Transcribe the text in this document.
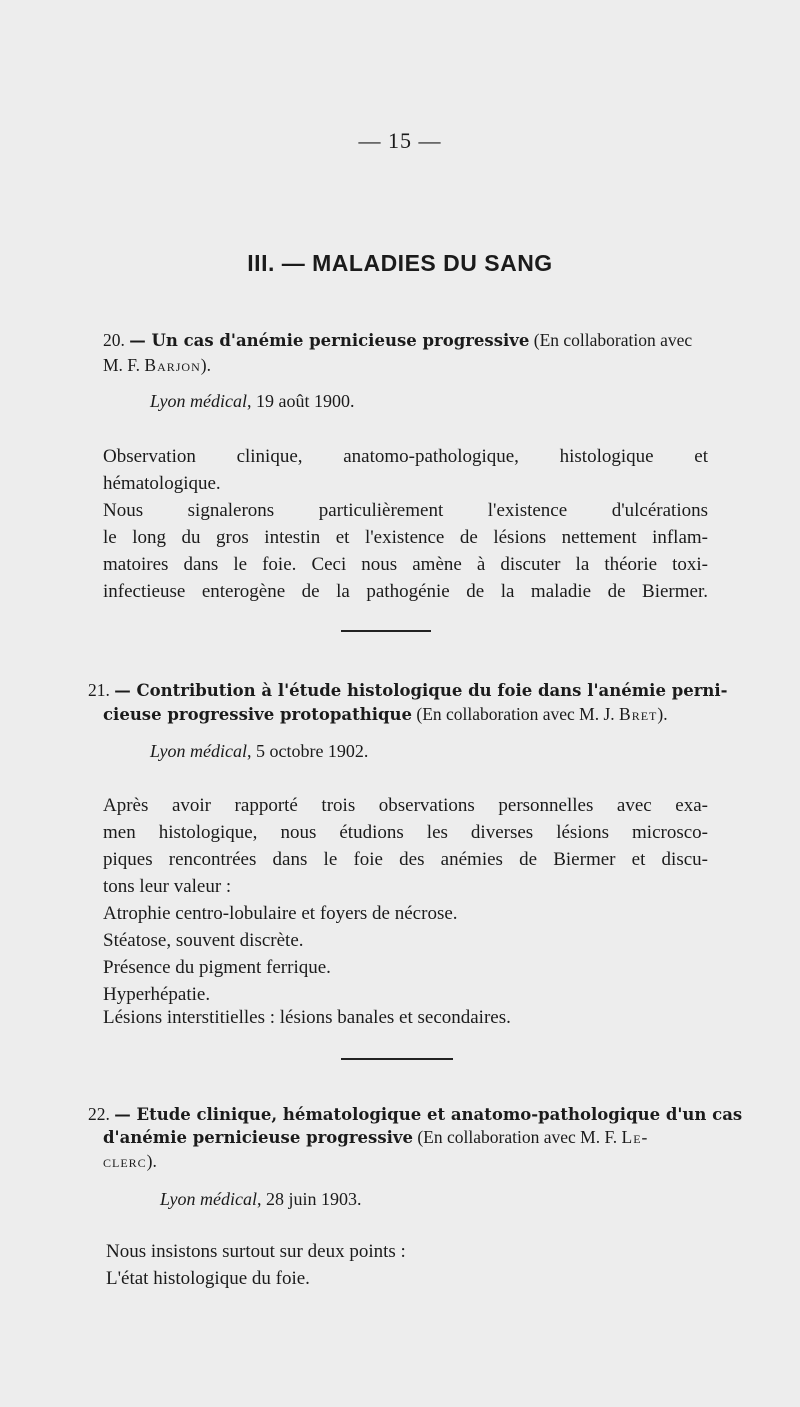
— 15 —
III. — MALADIES DU SANG
20. — Un cas d'anémie pernicieuse progressive (En collaboration avec
M. F. Barjon).
Lyon médical, 19 août 1900.
Observation clinique, anatomo-pathologique, histologique et
hématologique.
Nous signalerons particulièrement l'existence d'ulcérations
le long du gros intestin et l'existence de lésions nettement inflam-
matoires dans le foie. Ceci nous amène à discuter la théorie toxi-
infectieuse enterogène de la pathogénie de la maladie de Biermer.
21. — Contribution à l'étude histologique du foie dans l'anémie perni-
cieuse progressive protopathique (En collaboration avec M. J. Bret).
Lyon médical, 5 octobre 1902.
Après avoir rapporté trois observations personnelles avec exa-
men histologique, nous étudions les diverses lésions microsco-
piques rencontrées dans le foie des anémies de Biermer et discu-
tons leur valeur :
Atrophie centro-lobulaire et foyers de nécrose.
Stéatose, souvent discrète.
Présence du pigment ferrique.
Hyperhépatie.
Lésions interstitielles : lésions banales et secondaires.
22. — Etude clinique, hématologique et anatomo-pathologique d'un cas
d'anémie pernicieuse progressive (En collaboration avec M. F. Le-
clerc).
Lyon médical, 28 juin 1903.
Nous insistons surtout sur deux points :
L'état histologique du foie.
